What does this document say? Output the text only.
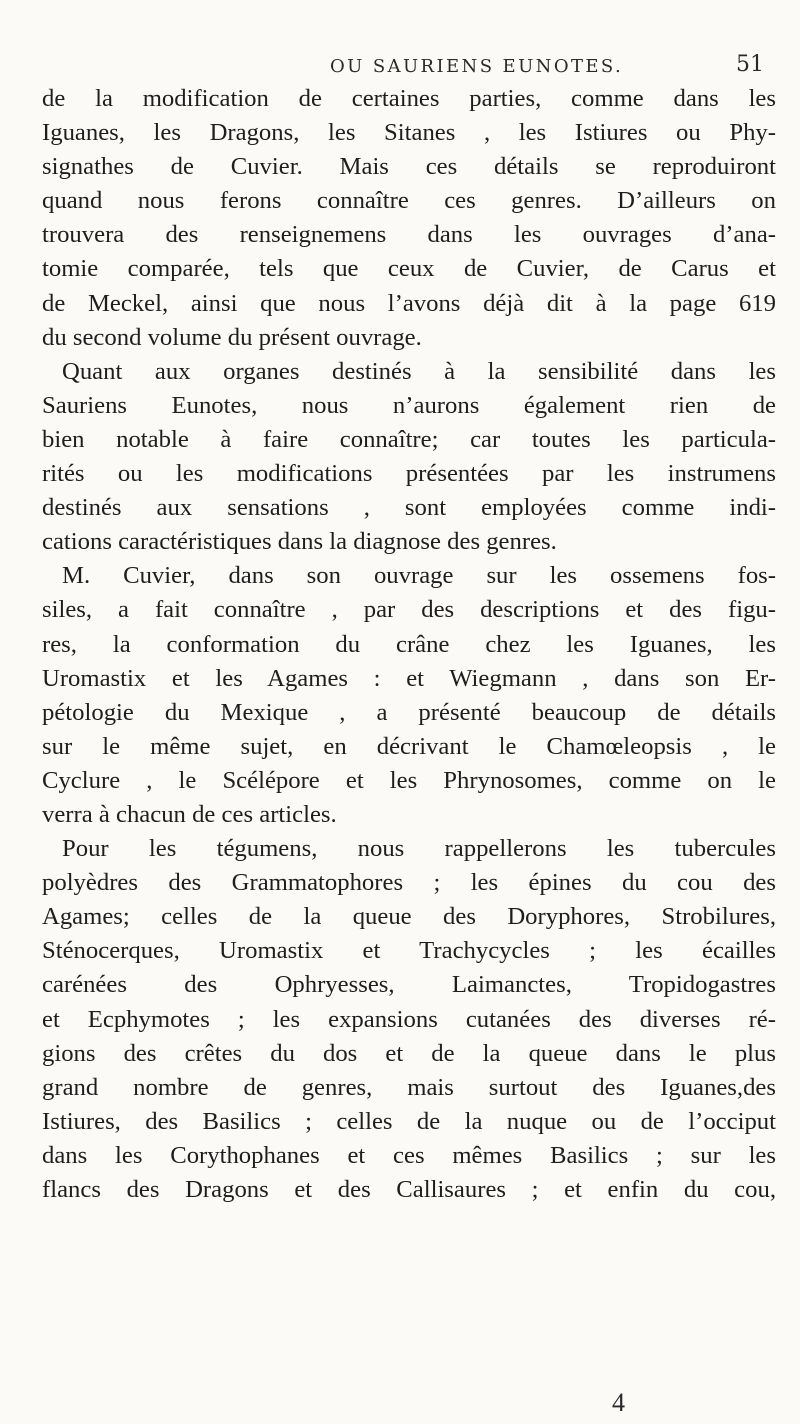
OU SAURIENS EUNOTES.	51

de la modification de certaines parties, comme dans les

Iguanes, les Dragons, les Sitanes , les Istiures ou Phy-

signathes de Cuvier. Mais ces détails se reproduiront

quand nous ferons connaître ces genres. D’ailleurs on

trouvera des renseignemens dans les ouvrages d’ana-

tomie comparée, tels que ceux de Cuvier, de Carus et

de Meckel, ainsi que nous l’avons déjà dit à la page 619

du second volume du présent ouvrage.

Quant aux organes destinés à la sensibilité dans les

Sauriens Eunotes, nous n’aurons également rien de

bien notable à faire connaître; car toutes les particula-

rités ou les modifications présentées par les instrumens

destinés aux sensations , sont employées comme indi-

cations caractéristiques dans la diagnose des genres.

M. Cuvier, dans son ouvrage sur les ossemens fos-

siles, a fait connaître , par des descriptions et des figu-

res, la conformation du crâne chez les Iguanes, les

Uromastix et les Agames : et Wiegmann , dans son Er-

pétologie du Mexique , a présenté beaucoup de détails

sur le même sujet, en décrivant le Chamœleopsis , le

Cyclure , le Scélépore et les Phrynosomes, comme on le

verra à chacun de ces articles.

Pour les tégumens, nous rappellerons les tubercules

polyèdres des Grammatophores ; les épines du cou des

Agames; celles de la queue des Doryphores, Strobilures,

Sténocerques, Uromastix et Trachycycles ; les écailles

carénées des Ophryesses, Laimanctes, Tropidogastres

et Ecphymotes ; les expansions cutanées des diverses ré-

gions des crêtes du dos et de la queue dans le plus

grand nombre de genres, mais surtout des Iguanes,des

Istiures, des Basilics ; celles de la nuque ou de l’occiput

dans les Corythophanes et ces mêmes Basilics ; sur les

flancs des Dragons et des Callisaures ; et enfin du cou,

4
